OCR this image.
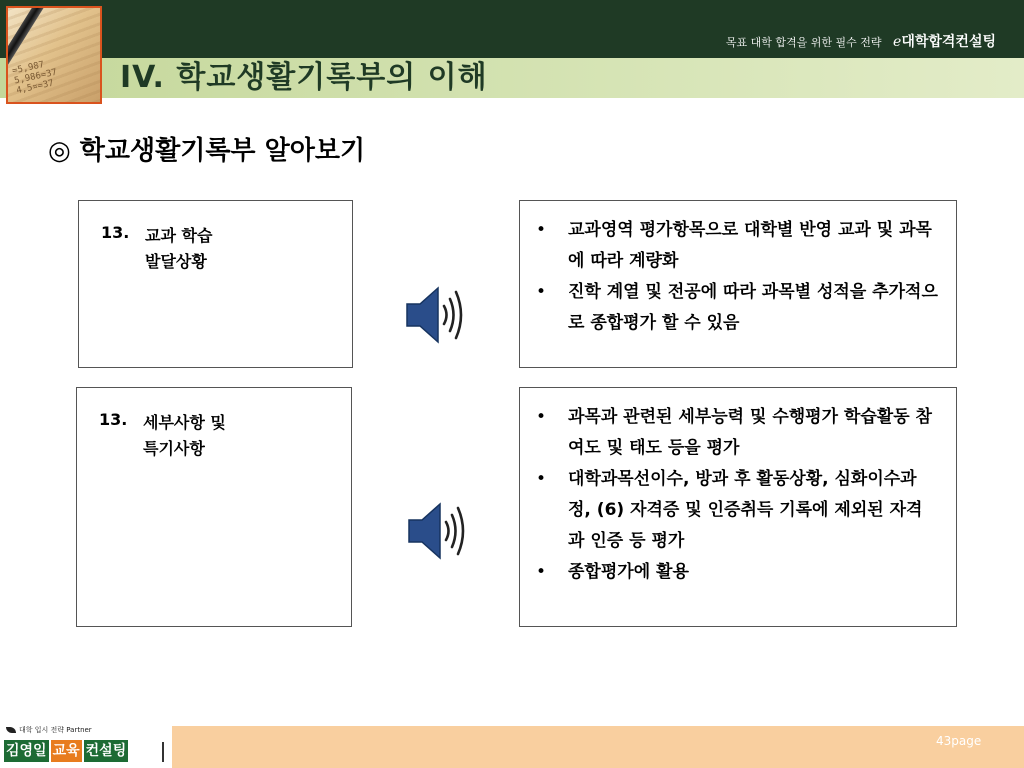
=5,987
5,986=37
4,5¤=37
목표 대학 합격을 위한 필수 전략 e대학합격컨설팅
IV. 학교생활기록부의 이해
◎ 학교생활기록부 알아보기
13. 교과 학습
발달상황
• 교과영역 평가항목으로 대학별 반영 교과 및 과목에 따라 계량화
• 진학 계열 및 전공에 따라 과목별 성적을 추가적으로 종합평가 할 수 있음
13. 세부사항 및
특기사항
• 과목과 관련된 세부능력 및 수행평가 학습활동 참여도 및 태도 등을 평가
• 대학과목선이수, 방과 후 활동상황, 심화이수과정, (6) 자격증 및 인증취득 기록에 제외된 자격과 인증 등 평가
• 종합평가에 활용
대학 입시 전략 Partner
김영일 교육 컨설팅
43page
